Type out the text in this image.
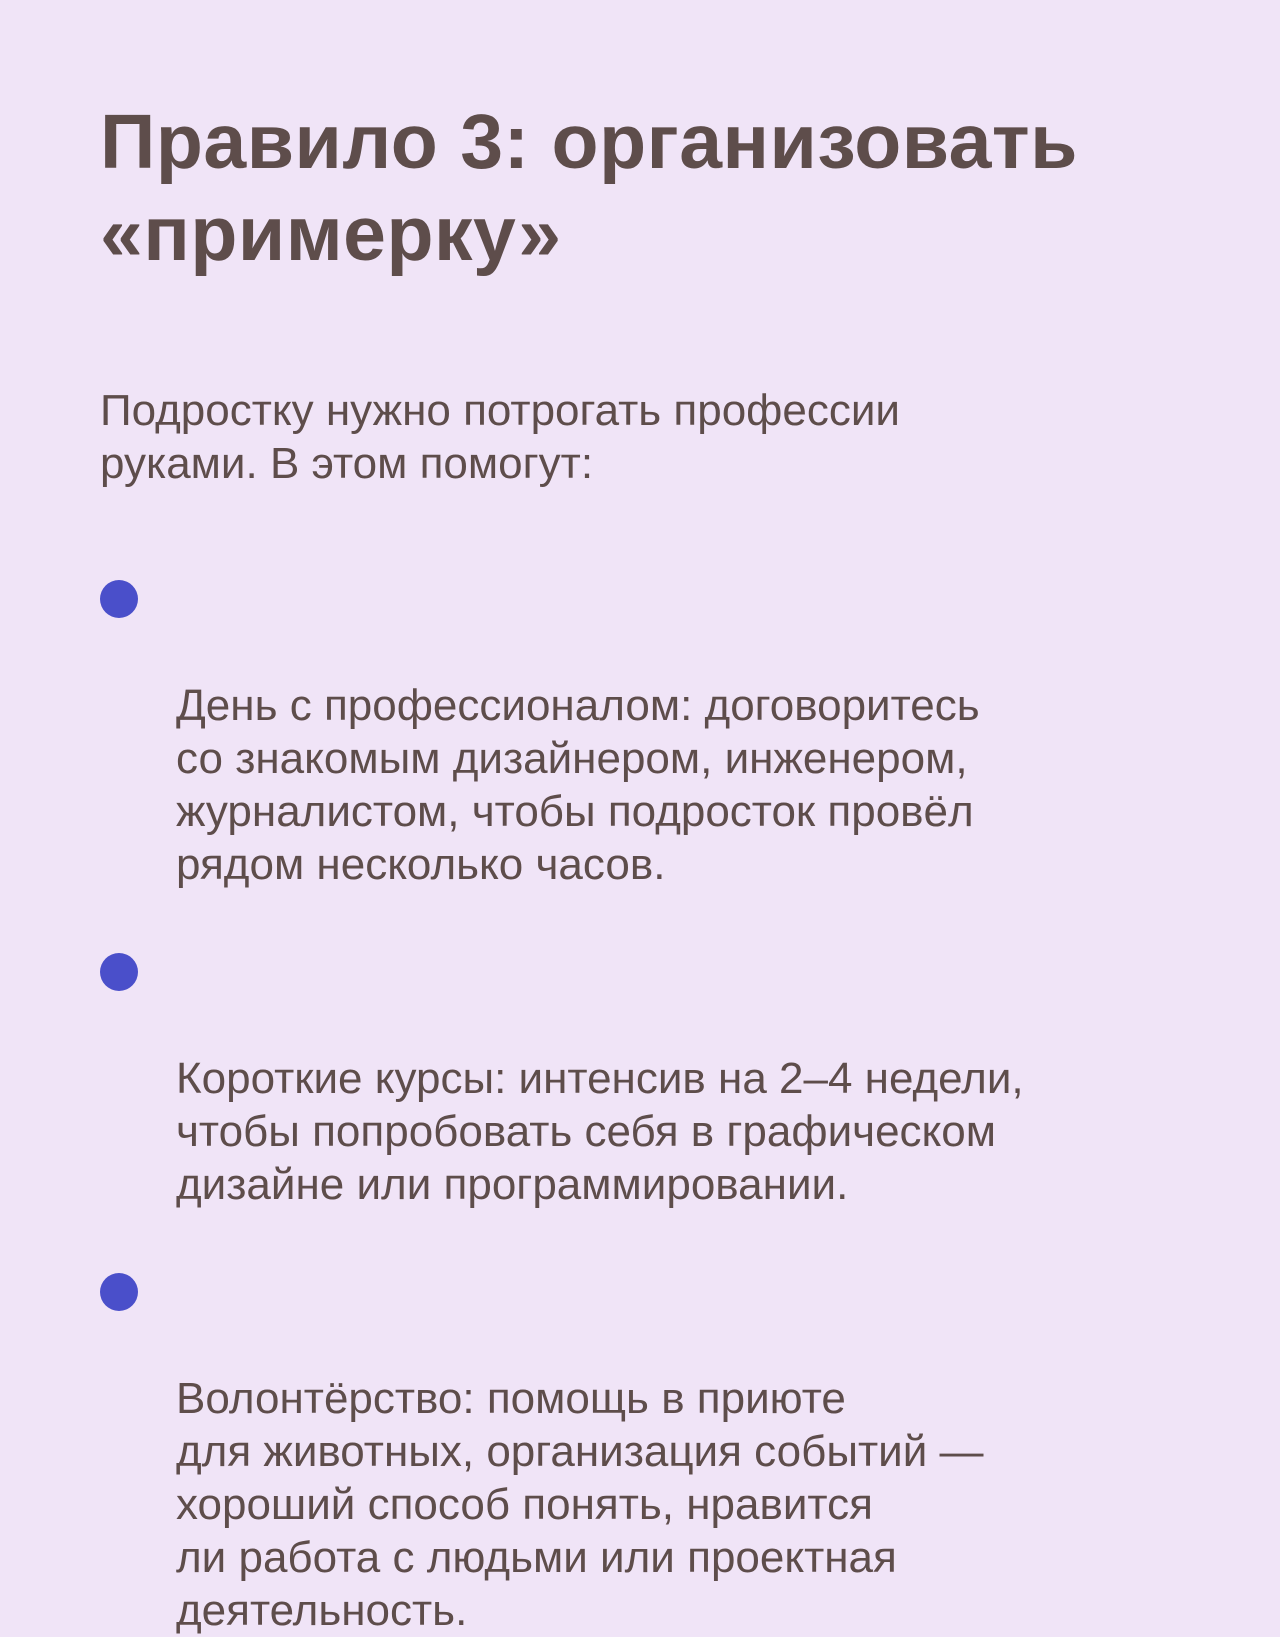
Правило 3: организовать
«примерку»

Подростку нужно потрогать профессии
руками. В этом помогут:

День с профессионалом: договоритесь
со знакомым дизайнером, инженером,
журналистом, чтобы подросток провёл
рядом несколько часов.

Короткие курсы: интенсив на 2–4 недели,
чтобы попробовать себя в графическом
дизайне или программировании.

Волонтёрство: помощь в приюте
для животных, организация событий —
хороший способ понять, нравится
ли работа с людьми или проектная
деятельность.
